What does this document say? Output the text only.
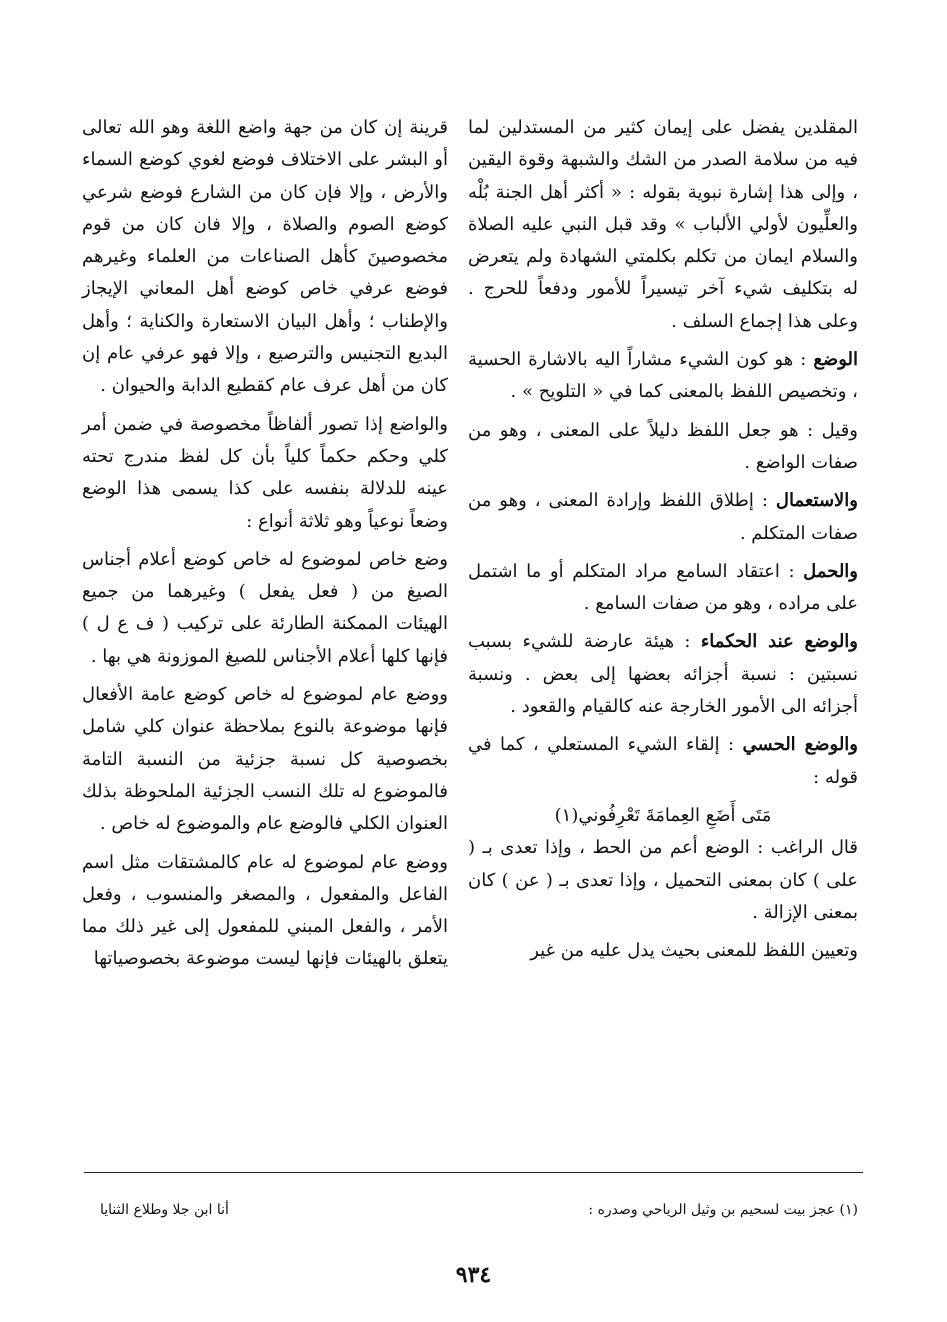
المقلدين يفضل على إيمان كثير من المستدلين لما فيه من سلامة الصدر من الشك والشبهة وقوة اليقين ، وإلى هذا إشارة نبوية بقوله : « أكثر أهل الجنة بُلْه والعلِّيون لأولي الألباب » وقد قبل النبي عليه الصلاة والسلام ايمان من تكلم بكلمتي الشهادة ولم يتعرض له بتكليف شيء آخر تيسيراً للأمور ودفعاً للحرج . وعلى هذا إجماع السلف .

الوضع : هو كون الشيء مشاراً اليه بالاشارة الحسية ، وتخصيص اللفظ بالمعنى كما في « التلويح » .

وقيل : هو جعل اللفظ دليلاً على المعنى ، وهو من صفات الواضع .

والاستعمال : إطلاق اللفظ وإرادة المعنى ، وهو من صفات المتكلم .

والحمل : اعتقاد السامع مراد المتكلم أو ما اشتمل على مراده ، وهو من صفات السامع .

والوضع عند الحكماء : هيئة عارضة للشيء بسبب نسبتين : نسبة أجزائه بعضها إلى بعض . ونسبة أجزائه الى الأمور الخارجة عنه كالقيام والقعود .

والوضع الحسي : إلقاء الشيء المستعلي ، كما في قوله :

مَتَى أَضَعِ العِمامَةَ تَعْرِفُوني(١)

قال الراغب : الوضع أعم من الحط ، وإذا تعدى بـ ( على ) كان بمعنى التحميل ، وإذا تعدى بـ ( عن ) كان بمعنى الإزالة .

وتعيين اللفظ للمعنى بحيث يدل عليه من غير

قرينة إن كان من جهة واضع اللغة وهو الله تعالى أو البشر على الاختلاف فوضع لغوي كوضع السماء والأرض ، وإلا فإن كان من الشارع فوضع شرعي كوضع الصوم والصلاة ، وإلا فان كان من قوم مخصوصينَ كأهل الصناعات من العلماء وغيرهم فوضع عرفي خاص كوضع أهل المعاني الإيجاز والإطناب ؛ وأهل البيان الاستعارة والكناية ؛ وأهل البديع التجنيس والترصيع ، وإلا فهو عرفي عام إن كان من أهل عرف عام كقطيع الدابة والحيوان .

والواضع إذا تصور ألفاظاً مخصوصة في ضمن أمر كلي وحكم حكماً كلياً بأن كل لفظ مندرج تحته عينه للدلالة بنفسه على كذا يسمى هذا الوضع وضعاً نوعياً وهو ثلاثة أنواع :

وضع خاص لموضوع له خاص كوضع أعلام أجناس الصيغ من ( فعل يفعل ) وغيرهما من جميع الهيئات الممكنة الطارئة على تركيب ( ف ع ل ) فإنها كلها أعلام الأجناس للصيغ الموزونة هي بها .

ووضع عام لموضوع له خاص كوضع عامة الأفعال فإنها موضوعة بالنوع بملاحظة عنوان كلي شامل بخصوصية كل نسبة جزئية من النسبة التامة فالموضوع له تلك النسب الجزئية الملحوظة بذلك العنوان الكلي فالوضع عام والموضوع له خاص .

ووضع عام لموضوع له عام كالمشتقات مثل اسم الفاعل والمفعول ، والمصغر والمنسوب ، وفعل الأمر ، والفعل المبني للمفعول إلى غير ذلك مما يتعلق بالهيئات فإنها ليست موضوعة بخصوصياتها

(١) عجز بيت لسحيم بن وثيل الرياحي وصدره :
أنا ابن جلا وطلاع الثنايا
٩٣٤
